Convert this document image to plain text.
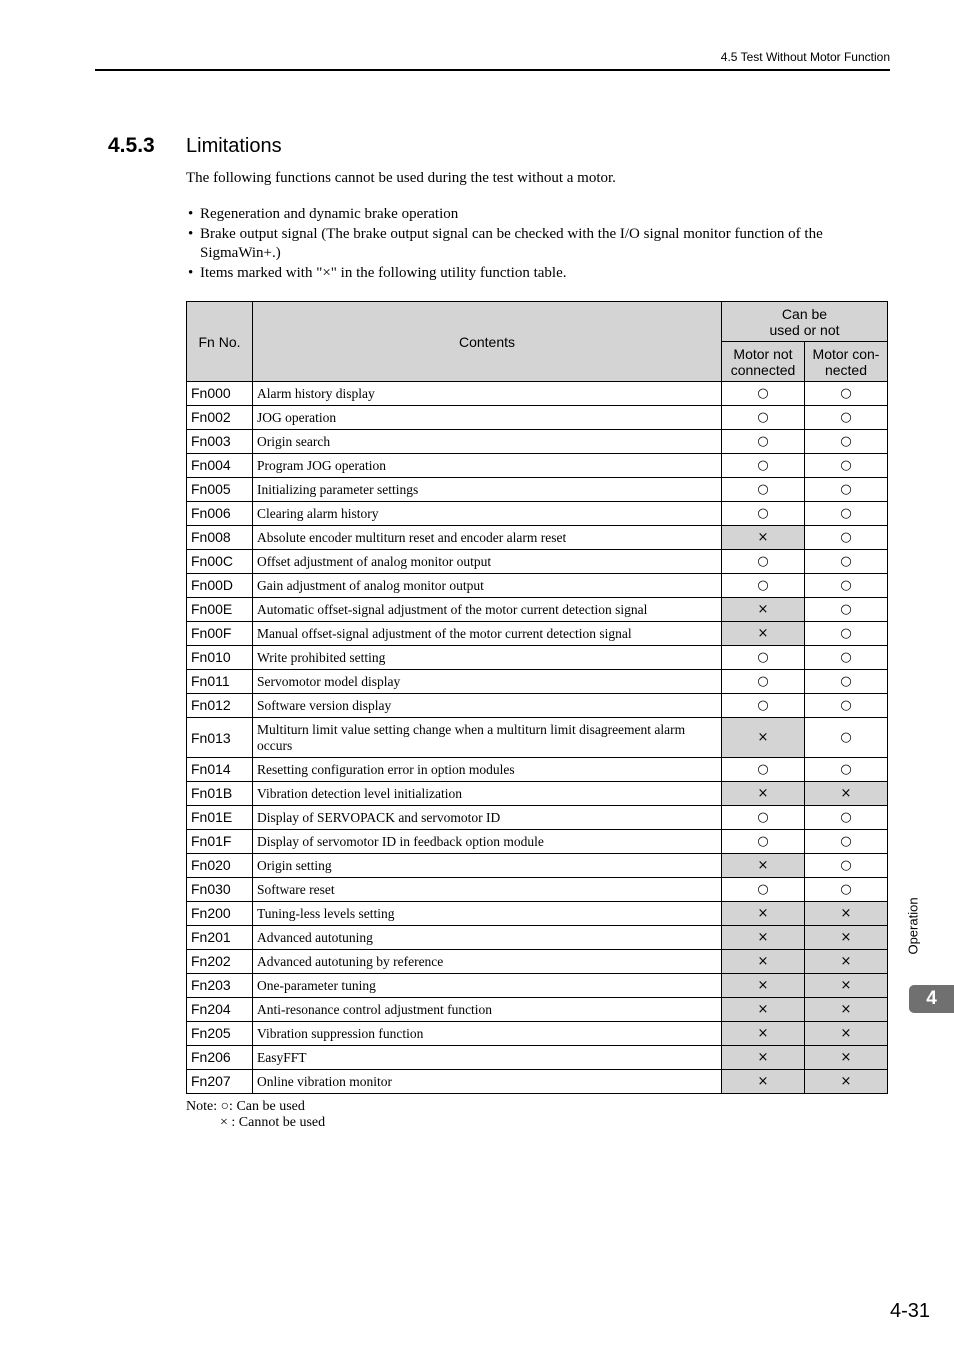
4.5 Test Without Motor Function
4.5.3 Limitations
The following functions cannot be used during the test without a motor.
• Regeneration and dynamic brake operation
• Brake output signal (The brake output signal can be checked with the I/O signal monitor function of the SigmaWin+.)
• Items marked with "×" in the following utility function table.
Fn No.	Contents	Can be
used or not	
		Motor not
connected	Motor con-
nected
Fn000	Alarm history display	○	○
Fn002	JOG operation	○	○
Fn003	Origin search	○	○
Fn004	Program JOG operation	○	○
Fn005	Initializing parameter settings	○	○
Fn006	Clearing alarm history	○	○
Fn008	Absolute encoder multiturn reset and encoder alarm reset	×	○
Fn00C	Offset adjustment of analog monitor output	○	○
Fn00D	Gain adjustment of analog monitor output	○	○
Fn00E	Automatic offset-signal adjustment of the motor current detection signal	×	○
Fn00F	Manual offset-signal adjustment of the motor current detection signal	×	○
Fn010	Write prohibited setting	○	○
Fn011	Servomotor model display	○	○
Fn012	Software version display	○	○
Fn013	Multiturn limit value setting change when a multiturn limit disagreement alarm occurs	×	○
Fn014	Resetting configuration error in option modules	○	○
Fn01B	Vibration detection level initialization	×	×
Fn01E	Display of SERVOPACK and servomotor ID	○	○
Fn01F	Display of servomotor ID in feedback option module	○	○
Fn020	Origin setting	×	○
Fn030	Software reset	○	○
Fn200	Tuning-less levels setting	×	×
Fn201	Advanced autotuning	×	×
Fn202	Advanced autotuning by reference	×	×
Fn203	One-parameter tuning	×	×
Fn204	Anti-resonance control adjustment function	×	×
Fn205	Vibration suppression function	×	×
Fn206	EasyFFT	×	×
Fn207	Online vibration monitor	×	×
Note: ○: Can be used
× : Cannot be used
Operation
4
4-31
